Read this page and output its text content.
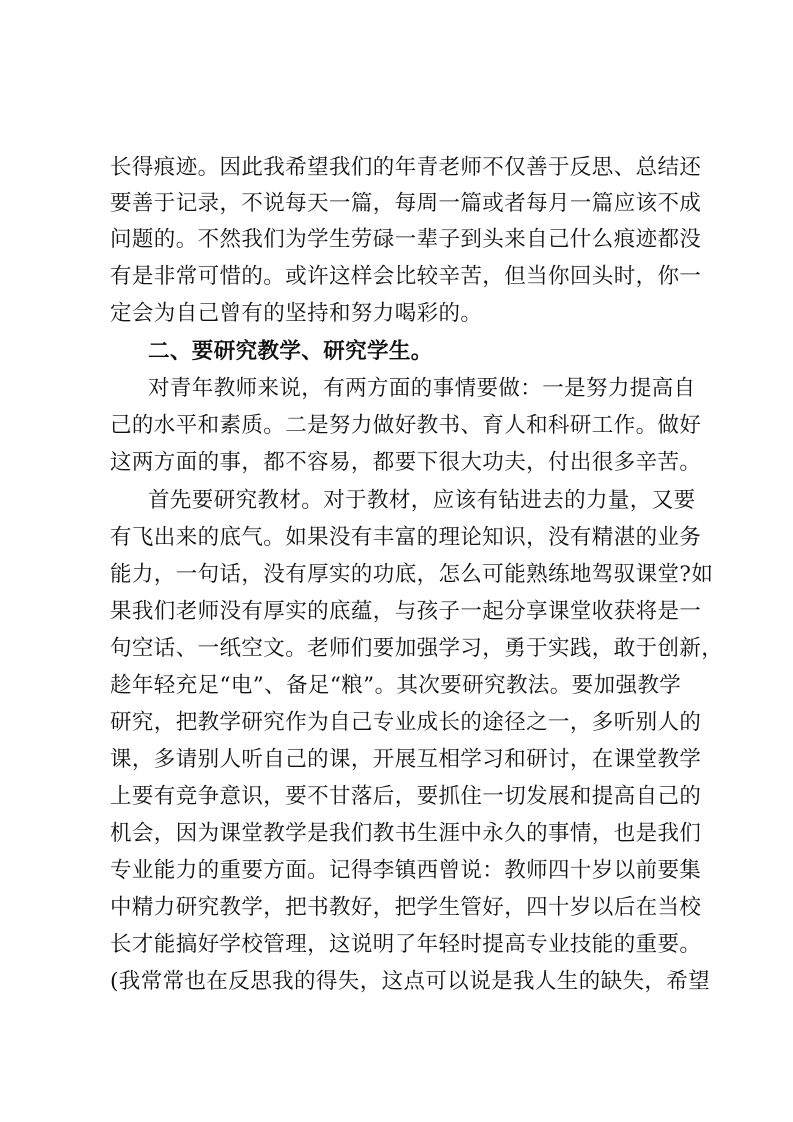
长得痕迹。因此我希望我们的年青老师不仅善于反思、总结还
要善于记录，不说每天一篇，每周一篇或者每月一篇应该不成
问题的。不然我们为学生劳碌一辈子到头来自己什么痕迹都没
有是非常可惜的。或许这样会比较辛苦，但当你回头时，你一
定会为自己曾有的坚持和努力喝彩的。
二、要研究教学、研究学生。
对青年教师来说，有两方面的事情要做：一是努力提高自
己的水平和素质。二是努力做好教书、育人和科研工作。做好
这两方面的事，都不容易，都要下很大功夫，付出很多辛苦。
首先要研究教材。对于教材，应该有钻进去的力量，又要
有飞出来的底气。如果没有丰富的理论知识，没有精湛的业务
能力，一句话，没有厚实的功底，怎么可能熟练地驾驭课堂?如
果我们老师没有厚实的底蕴，与孩子一起分享课堂收获将是一
句空话、一纸空文。老师们要加强学习，勇于实践，敢于创新，
趁年轻充足“电”、备足“粮”。其次要研究教法。要加强教学
研究，把教学研究作为自己专业成长的途径之一，多听别人的
课，多请别人听自己的课，开展互相学习和研讨，在课堂教学
上要有竞争意识，要不甘落后，要抓住一切发展和提高自己的
机会，因为课堂教学是我们教书生涯中永久的事情，也是我们
专业能力的重要方面。记得李镇西曾说：教师四十岁以前要集
中精力研究教学，把书教好，把学生管好，四十岁以后在当校
长才能搞好学校管理，这说明了年轻时提高专业技能的重要。
(我常常也在反思我的得失，这点可以说是我人生的缺失，希望
